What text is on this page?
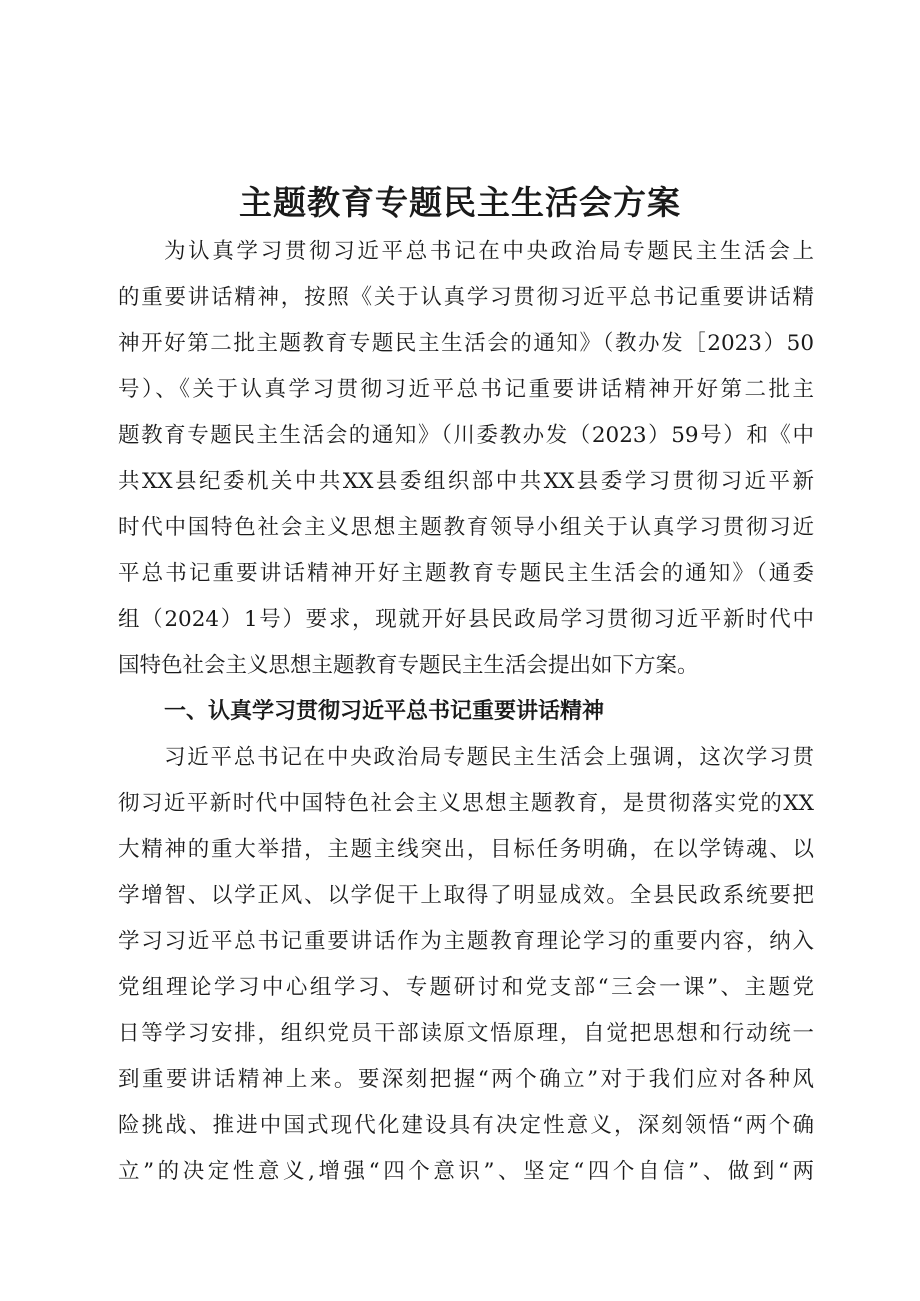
主题教育专题民主生活会方案
为认真学习贯彻习近平总书记在中央政治局专题民主生活会上
的重要讲话精神，按照《关于认真学习贯彻习近平总书记重要讲话精
神开好第二批主题教育专题民主生活会的通知》（教办发［2023）50
号）、《关于认真学习贯彻习近平总书记重要讲话精神开好第二批主
题教育专题民主生活会的通知》（川委教办发（2023）59号）和《中
共XX县纪委机关中共XX县委组织部中共XX县委学习贯彻习近平新
时代中国特色社会主义思想主题教育领导小组关于认真学习贯彻习近
平总书记重要讲话精神开好主题教育专题民主生活会的通知》（通委
组（2024）1号）要求，现就开好县民政局学习贯彻习近平新时代中
国特色社会主义思想主题教育专题民主生活会提出如下方案。
一、认真学习贯彻习近平总书记重要讲话精神
习近平总书记在中央政治局专题民主生活会上强调，这次学习贯
彻习近平新时代中国特色社会主义思想主题教育，是贯彻落实党的XX
大精神的重大举措，主题主线突出，目标任务明确，在以学铸魂、以
学增智、以学正风、以学促干上取得了明显成效。全县民政系统要把
学习习近平总书记重要讲话作为主题教育理论学习的重要内容，纳入
党组理论学习中心组学习、专题研讨和党支部“三会一课”、主题党
日等学习安排，组织党员干部读原文悟原理，自觉把思想和行动统一
到重要讲话精神上来。要深刻把握“两个确立”对于我们应对各种风
险挑战、推进中国式现代化建设具有决定性意义，深刻领悟“两个确
立”的决定性意义,增强“四个意识”、坚定“四个自信”、做到“两
